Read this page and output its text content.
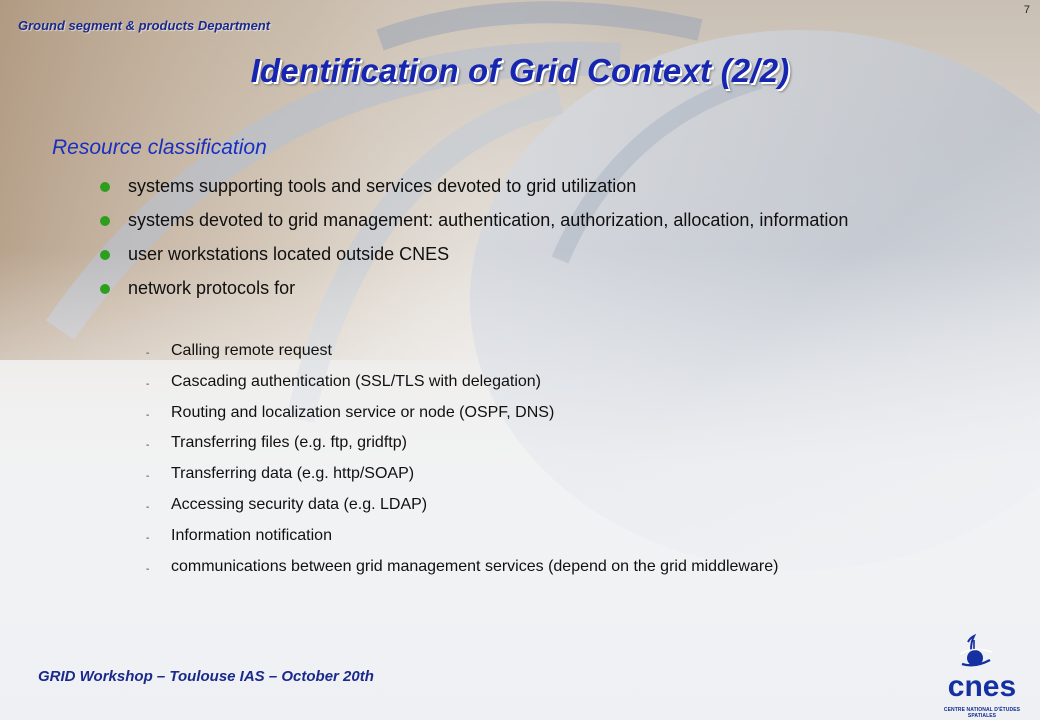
Ground segment & products Department
7
Identification of Grid Context (2/2)
Resource classification
systems supporting tools and services devoted to grid utilization
systems devoted to grid management: authentication, authorization, allocation, information
user workstations located outside CNES
network protocols for
- Calling remote request
- Cascading authentication (SSL/TLS with delegation)
- Routing and localization service or node (OSPF, DNS)
- Transferring files (e.g. ftp, gridftp)
- Transferring data (e.g. http/SOAP)
- Accessing security data (e.g. LDAP)
- Information notification
- communications between grid management services (depend on the grid middleware)
GRID Workshop – Toulouse IAS – October 20th	cnes
CENTRE NATIONAL D'ÉTUDES SPATIALES
